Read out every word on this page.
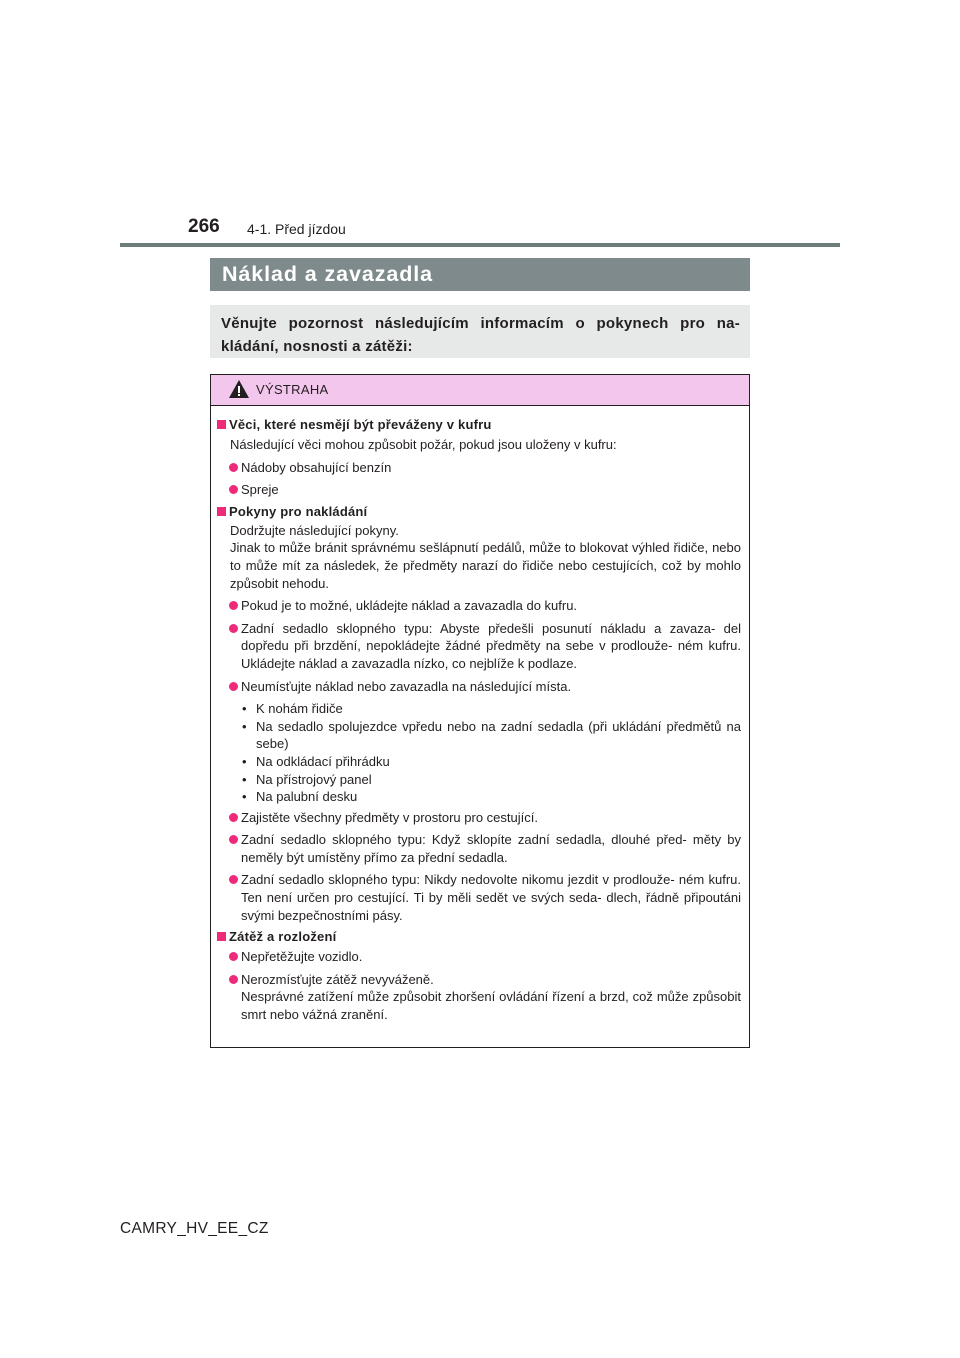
266 4-1. Před jízdou
Náklad a zavazadla
Věnujte pozornost následujícím informacím o pokynech pro na- kládání, nosnosti a zátěži:
VÝSTRAHA
Věci, které nesmějí být převáženy v kufru
Následující věci mohou způsobit požár, pokud jsou uloženy v kufru:
Nádoby obsahující benzín
Spreje
Pokyny pro nakládání
Dodržujte následující pokyny.
Jinak to může bránit správnému sešlápnutí pedálů, může to blokovat výhled řidiče, nebo to může mít za následek, že předměty narazí do řidiče nebo cestujících, což by mohlo způsobit nehodu.
Pokud je to možné, ukládejte náklad a zavazadla do kufru.
Zadní sedadlo sklopného typu: Abyste předešli posunutí nákladu a zavaza- del dopředu při brzdění, nepokládejte žádné předměty na sebe v prodlouže- ném kufru. Ukládejte náklad a zavazadla nízko, co nejblíže k podlaze.
Neumísťujte náklad nebo zavazadla na následující místa.
• K nohám řidiče
• Na sedadlo spolujezdce vpředu nebo na zadní sedadla (při ukládání předmětů na sebe)
• Na odkládací přihrádku
• Na přístrojový panel
• Na palubní desku
Zajistěte všechny předměty v prostoru pro cestující.
Zadní sedadlo sklopného typu: Když sklopíte zadní sedadla, dlouhé před- měty by neměly být umístěny přímo za přední sedadla.
Zadní sedadlo sklopného typu: Nikdy nedovolte nikomu jezdit v prodlouže- ném kufru. Ten není určen pro cestující. Ti by měli sedět ve svých seda- dlech, řádně připoutáni svými bezpečnostními pásy.
Zátěž a rozložení
Nepřetěžujte vozidlo.
Nerozmísťujte zátěž nevyváženě.
Nesprávné zatížení může způsobit zhoršení ovládání řízení a brzd, což může způsobit smrt nebo vážná zranění.
CAMRY_HV_EE_CZ
